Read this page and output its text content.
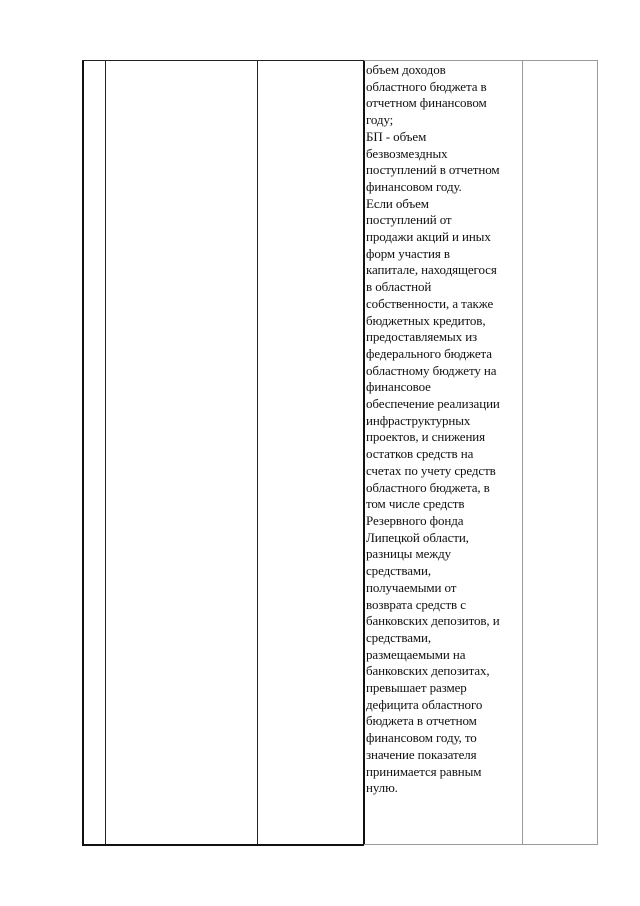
объем доходов
областного бюджета в
отчетном финансовом
году;
БП - объем
безвозмездных
поступлений в отчетном
финансовом году.
Если объем
поступлений от
продажи акций и иных
форм участия в
капитале, находящегося
в областной
собственности, а также
бюджетных кредитов,
предоставляемых из
федерального бюджета
областному бюджету на
финансовое
обеспечение реализации
инфраструктурных
проектов, и снижения
остатков средств на
счетах по учету средств
областного бюджета, в
том числе средств
Резервного фонда
Липецкой области,
разницы между
средствами,
получаемыми от
возврата средств с
банковских депозитов, и
средствами,
размещаемыми на
банковских депозитах,
превышает размер
дефицита областного
бюджета в отчетном
финансовом году, то
значение показателя
принимается равным
нулю.
